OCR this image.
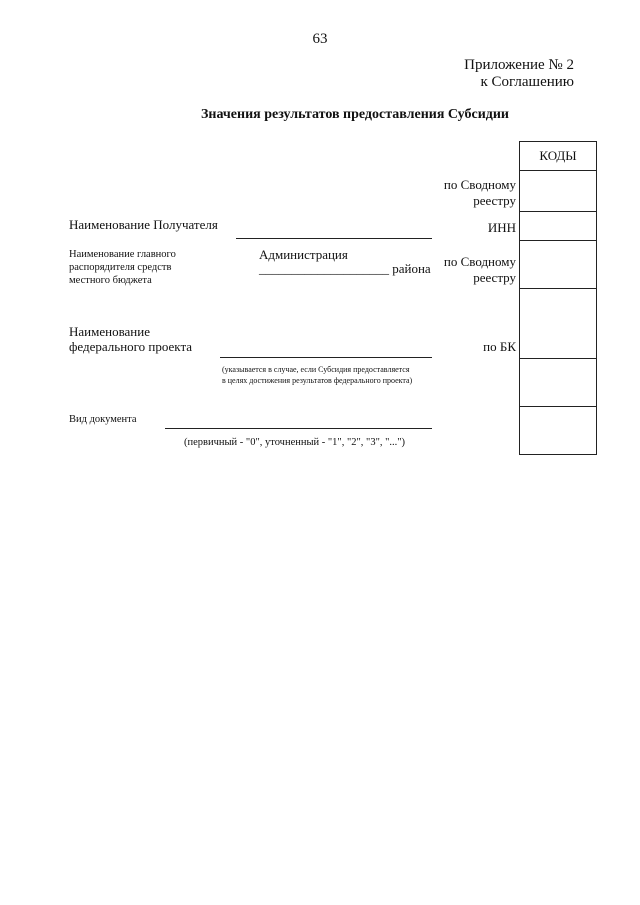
63
Приложение № 2
к Соглашению
Значения результатов предоставления Субсидии
КОДЫ
по Сводному
реестру
ИНН
по Сводному
реестру
по БК
Наименование Получателя
Наименование главного
распорядителя средств
местного бюджета
Администрация
____________________ района
Наименование
федерального проекта
(указывается в случае, если Субсидия предоставляется
в целях достижения результатов федерального проекта)
Вид документа
(первичный - "0", уточненный - "1", "2", "3", "...")
